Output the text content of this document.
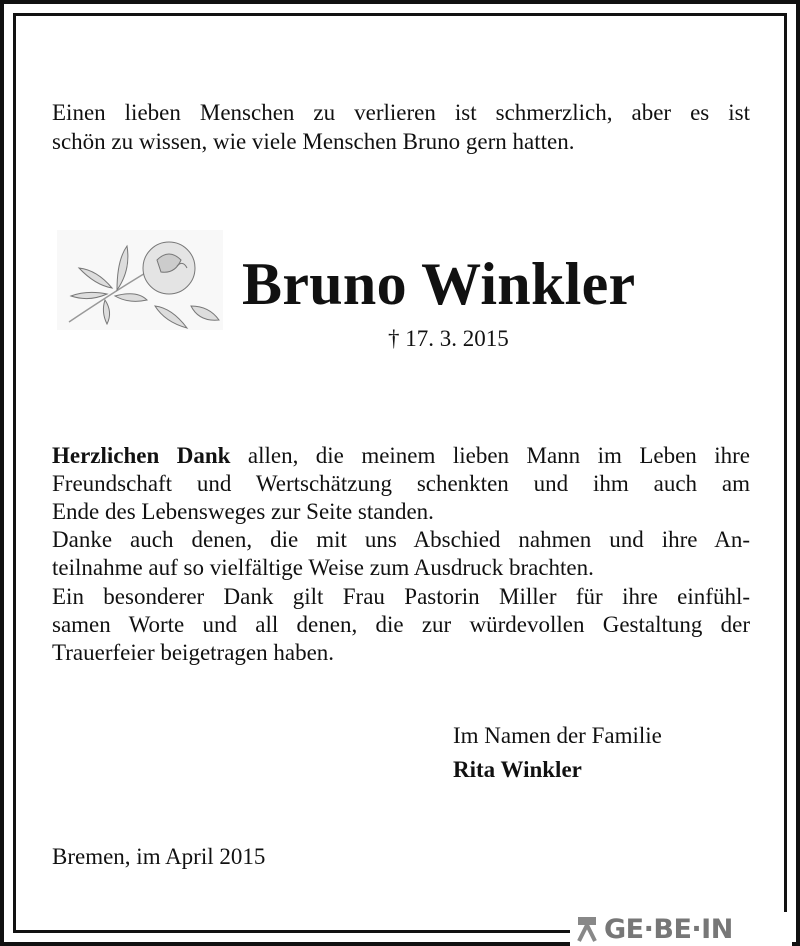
Einen lieben Menschen zu verlieren ist schmerzlich, aber es ist
schön zu wissen, wie viele Menschen Bruno gern hatten.
Bruno Winkler
† 17. 3. 2015
Herzlichen Dank allen, die meinem lieben Mann im Leben ihre
Freundschaft und Wertschätzung schenkten und ihm auch am
Ende des Lebensweges zur Seite standen.
Danke auch denen, die mit uns Abschied nahmen und ihre An-
teilnahme auf so vielfältige Weise zum Ausdruck brachten.
Ein besonderer Dank gilt Frau Pastorin Miller für ihre einfühl-
samen Worte und all denen, die zur würdevollen Gestaltung der
Trauerfeier beigetragen haben.
Im Namen der Familie
Rita Winkler
Bremen, im April 2015
GE·BE·IN
